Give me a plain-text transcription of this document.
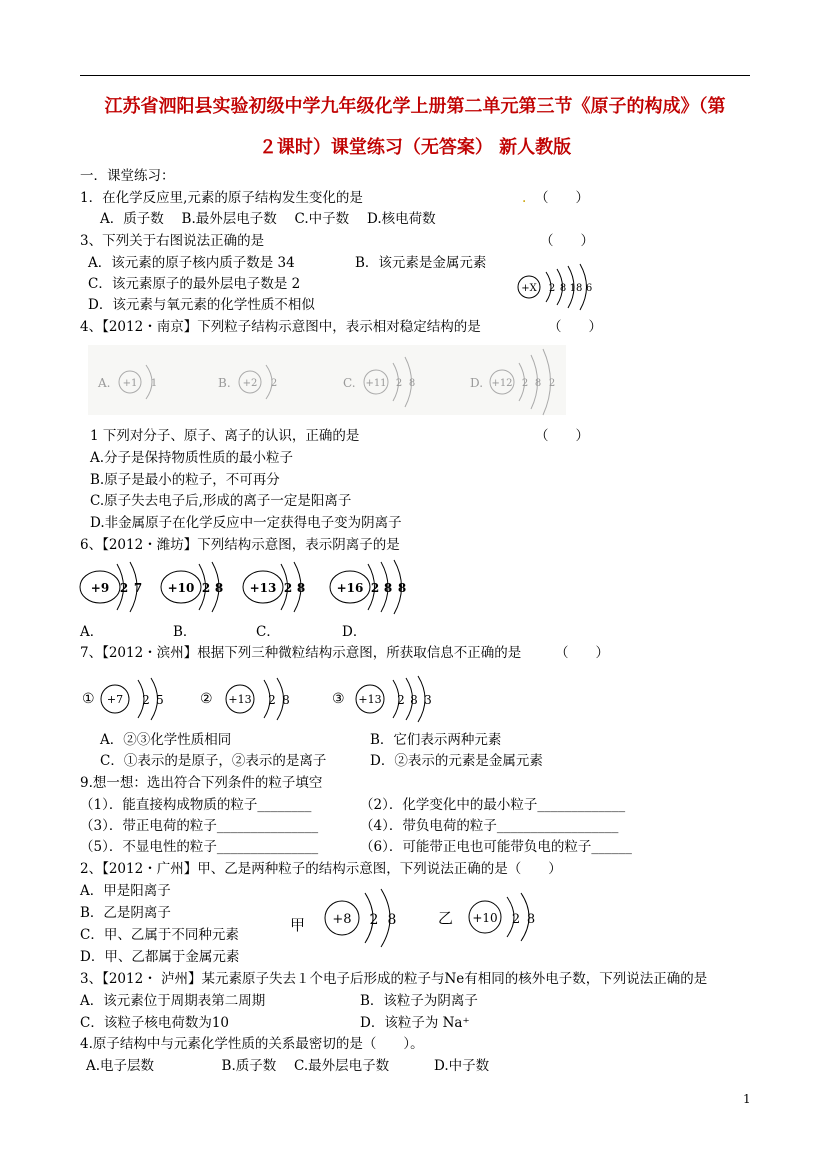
江苏省泗阳县实验初级中学九年级化学上册第二单元第三节《原子的构成》（第
２课时）课堂练习（无答案） 新人教版
一．课堂练习：
1．在化学反应里,元素的原子结构发生变化的是	. （　　）
A．质子数　 B.最外层电子数　 C.中子数　 D.核电荷数
3、下列关于右图说法正确的是	（　　）
A．该元素的原子核内质子数是 34	B．该元素是金属元素
C．该元素原子的最外层电子数是 2
D．该元素与氧元素的化学性质不相似
+X 2 8 18 6
4、【2012・南京】下列粒子结构示意图中，表示相对稳定结构的是	（　　）
A. +1 1	B. +2 2	C. +11 2 8	D. +12 2 8 2
1 下列对分子、原子、离子的认识，正确的是	（　　）
A.分子是保持物质性质的最小粒子
B.原子是最小的粒子，不可再分
C.原子失去电子后,形成的离子一定是阳离子
D.非金属原子在化学反应中一定获得电子变为阴离子
6、【2012・潍坊】下列结构示意图，表示阴离子的是
+9 2 7 +10 2 8 +13 2 8	+16 2 8 8
A．	B．	C．	D．
7、【2012・滨州】根据下列三种微粒结构示意图，所获取信息不正确的是	（　　）
① +7 2 5	② +13 2 8	③ +13 2 8 3
A．②③化学性质相同	B．它们表示两种元素
C．①表示的是原子，②表示的是离子	D．②表示的元素是金属元素
9.想一想：选出符合下列条件的粒子填空
（1）．能直接构成物质的粒子________	（2）．化学变化中的最小粒子_____________
（3）．带正电荷的粒子_______________	（4）．带负电荷的粒子__________________
（5）．不显电性的粒子_______________	（6）．可能带正电也可能带负电的粒子______
2、【2012・广州】甲、乙是两种粒子的结构示意图，下列说法正确的是（　　）
A．甲是阳离子
B．乙是阴离子
C．甲、乙属于不同种元素
D．甲、乙都属于金属元素
甲 +8 2 8	乙 +10 2 8
3、【2012・ 泸州】某元素原子失去１个电子后形成的粒子与Ne有相同的核外电子数，下列说法正确的是
A．该元素位于周期表第二周期	B．该粒子为阴离子
C．该粒子核电荷数为10	D．该粒子为 Na⁺
4.原子结构中与元素化学性质的关系最密切的是（　　）。
A.电子层数　　　　　B.质子数　 C.最外层电子数　　　 D.中子数
1
